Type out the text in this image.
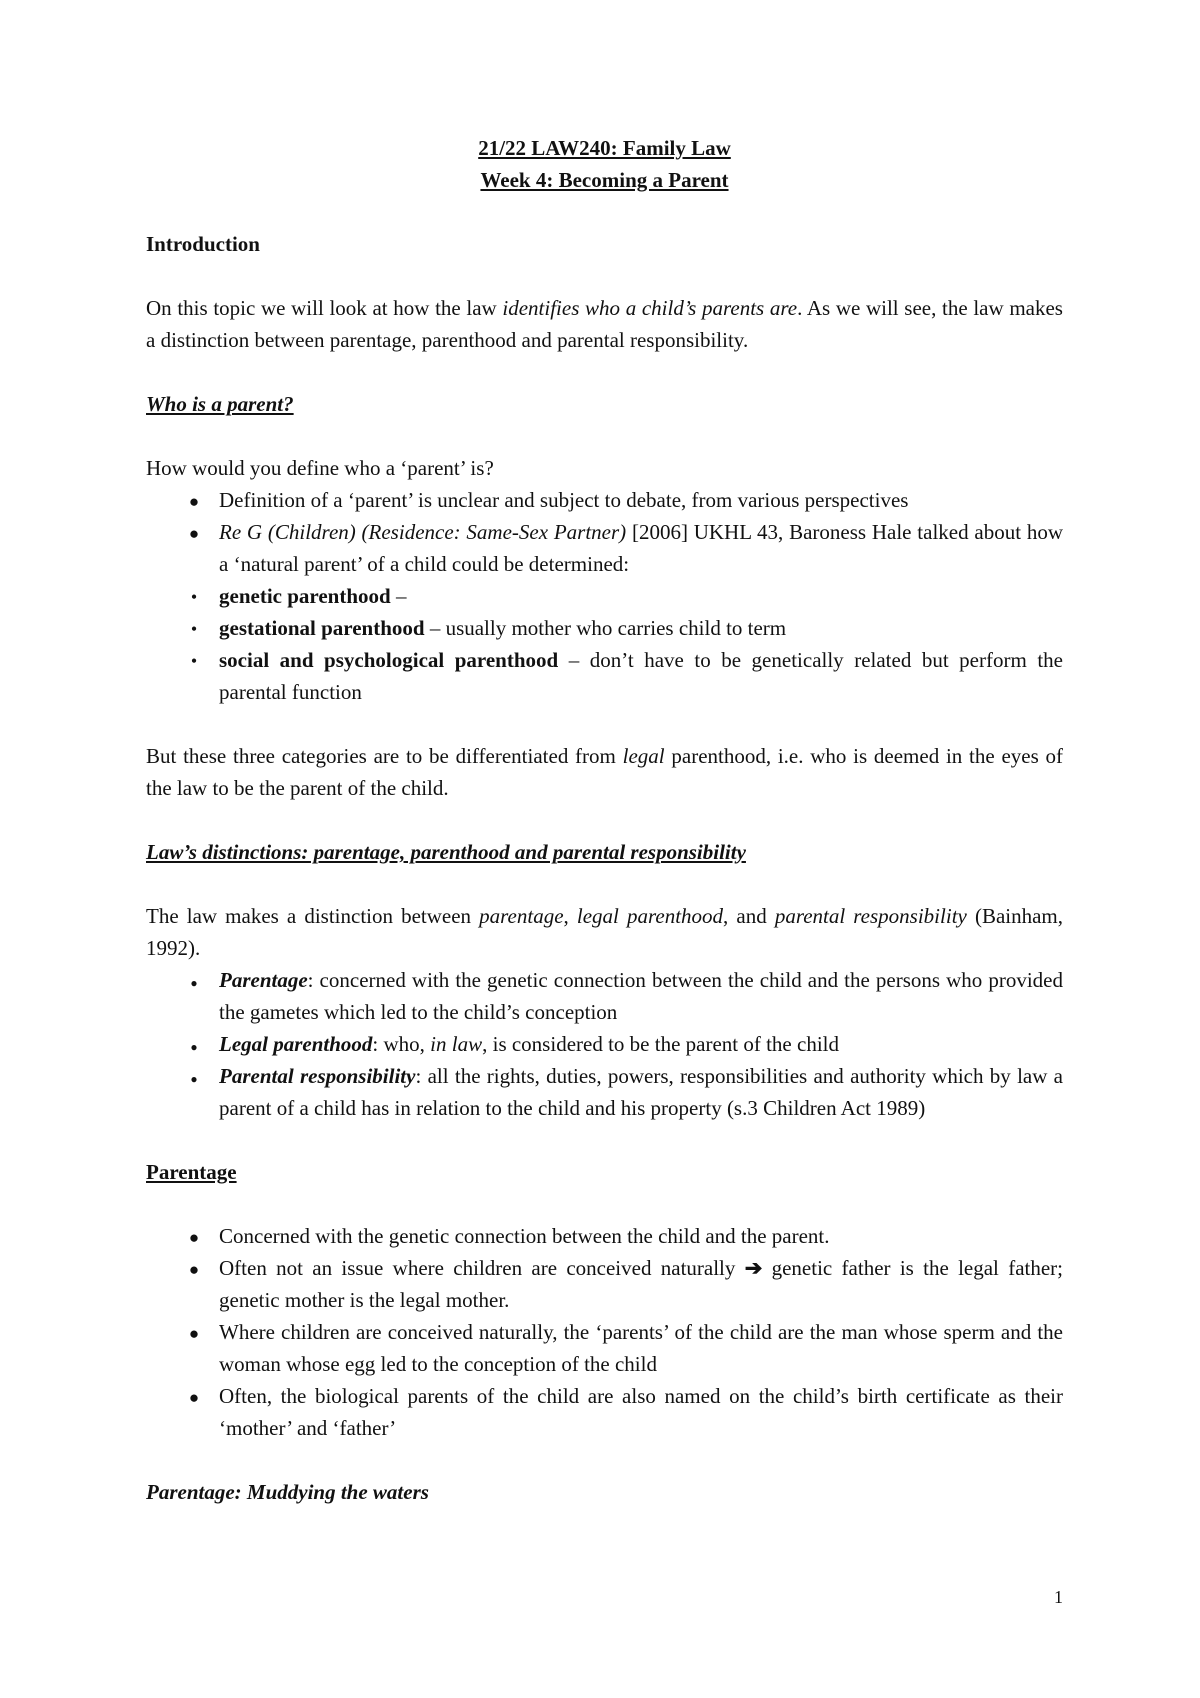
21/22 LAW240: Family Law

Week 4: Becoming a Parent

Introduction

On this topic we will look at how the law identifies who a child’s parents are. As we will see, the law makes a distinction between parentage, parenthood and parental responsibility.

Who is a parent?

How would you define who a ‘parent’ is?

●
Definition of a ‘parent’ is unclear and subject to debate, from various perspectives
●
Re G (Children) (Residence: Same-Sex Partner) [2006] UKHL 43, Baroness Hale talked about how a ‘natural parent’ of a child could be determined:
•
genetic parenthood –
•
gestational parenthood – usually mother who carries child to term
•
social and psychological parenthood – don’t have to be genetically related but perform the parental function

But these three categories are to be differentiated from legal parenthood, i.e. who is deemed in the eyes of the law to be the parent of the child.

Law’s distinctions: parentage, parenthood and parental responsibility

The law makes a distinction between parentage, legal parenthood, and parental responsibility (Bainham, 1992).

●
Parentage: concerned with the genetic connection between the child and the persons who provided the gametes which led to the child’s conception
●
Legal parenthood: who, in law, is considered to be the parent of the child
●
Parental responsibility: all the rights, duties, powers, responsibilities and authority which by law a parent of a child has in relation to the child and his property (s.3 Children Act 1989)

Parentage

●
Concerned with the genetic connection between the child and the parent.
●
Often not an issue where children are conceived naturally ➔ genetic father is the legal father; genetic mother is the legal mother.
●
Where children are conceived naturally, the ‘parents’ of the child are the man whose sperm and the woman whose egg led to the conception of the child
●
Often, the biological parents of the child are also named on the child’s birth certificate as their ‘mother’ and ‘father’

Parentage: Muddying the waters

1
